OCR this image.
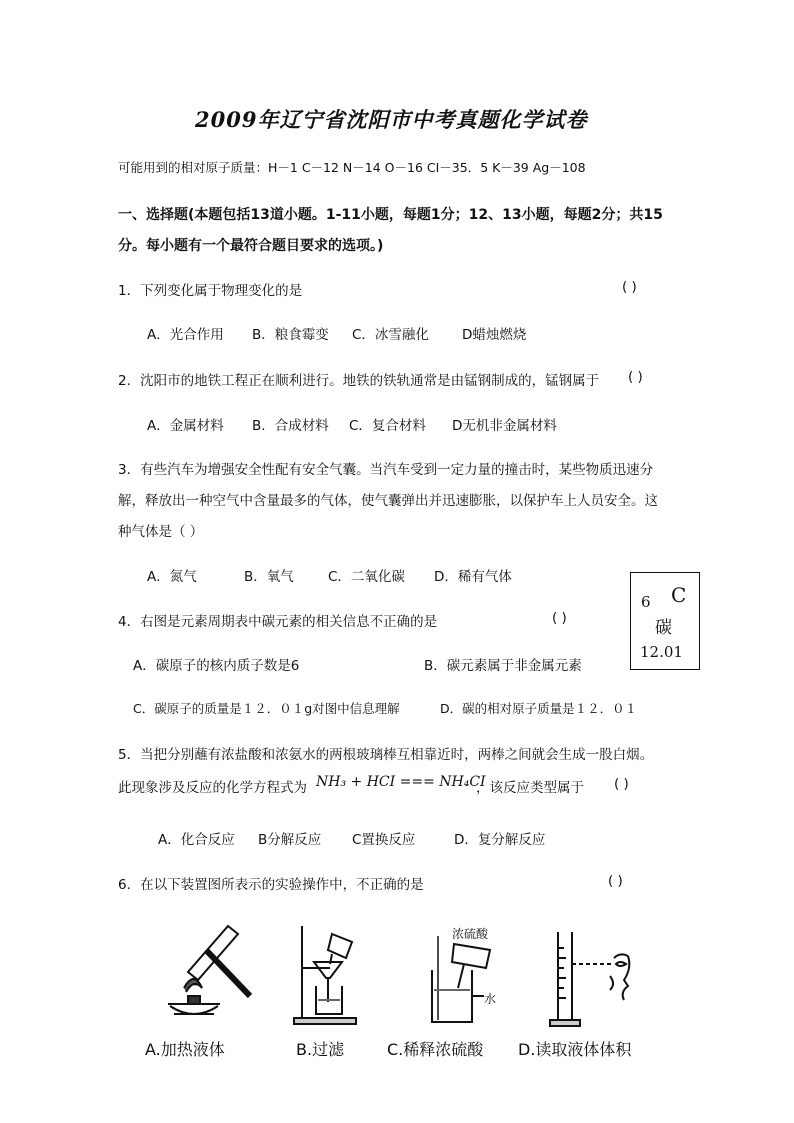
2009年辽宁省沈阳市中考真题化学试卷
可能用到的相对原子质量：H－1 C－12 N－14 O－16 CI－35．5 K－39 Ag－108
一、选择题(本题包括13道小题。1-11小题，每题1分；12、13小题，每题2分；共15
分。每小题有一个最符合题目要求的选项。)
1．下列变化属于物理变化的是	( )
A．光合作用 B．粮食霉变 C．冰雪融化 D蜡烛燃烧
2．沈阳市的地铁工程正在顺利进行。地铁的铁轨通常是由锰钢制成的，锰钢属于 ( )
A．金属材料 B．合成材料 C．复合材料 D无机非金属材料
3．有些汽车为增强安全性配有安全气囊。当汽车受到一定力量的撞击时，某些物质迅速分
解，释放出一种空气中含量最多的气体，使气囊弹出并迅速膨胀，以保护车上人员安全。这
种气体是（ ）
A．氮气	B．氧气	C．二氧化碳 D．稀有气体
6 C
碳
12.01
4．右图是元素周期表中碳元素的相关信息不正确的是	( )
A．碳原子的核内质子数是6	B．碳元素属于非金属元素
C．碳原子的质量是１２．０１g对图中信息理解	D．碳的相对原子质量是１２．０１
5．当把分别蘸有浓盐酸和浓氨水的两根玻璃棒互相靠近时，两棒之间就会生成一股白烟。
此现象涉及反应的化学方程式为 NH₃ + HCI === NH₄CI
，该反应类型属于 ( )
A．化合反应 B分解反应 C置换反应	D．复分解反应
6．在以下装置图所表示的实验操作中，不正确的是	( )
浓硫酸
水
A.加热液体	B.过滤	C.稀释浓硫酸 D.读取液体体积
